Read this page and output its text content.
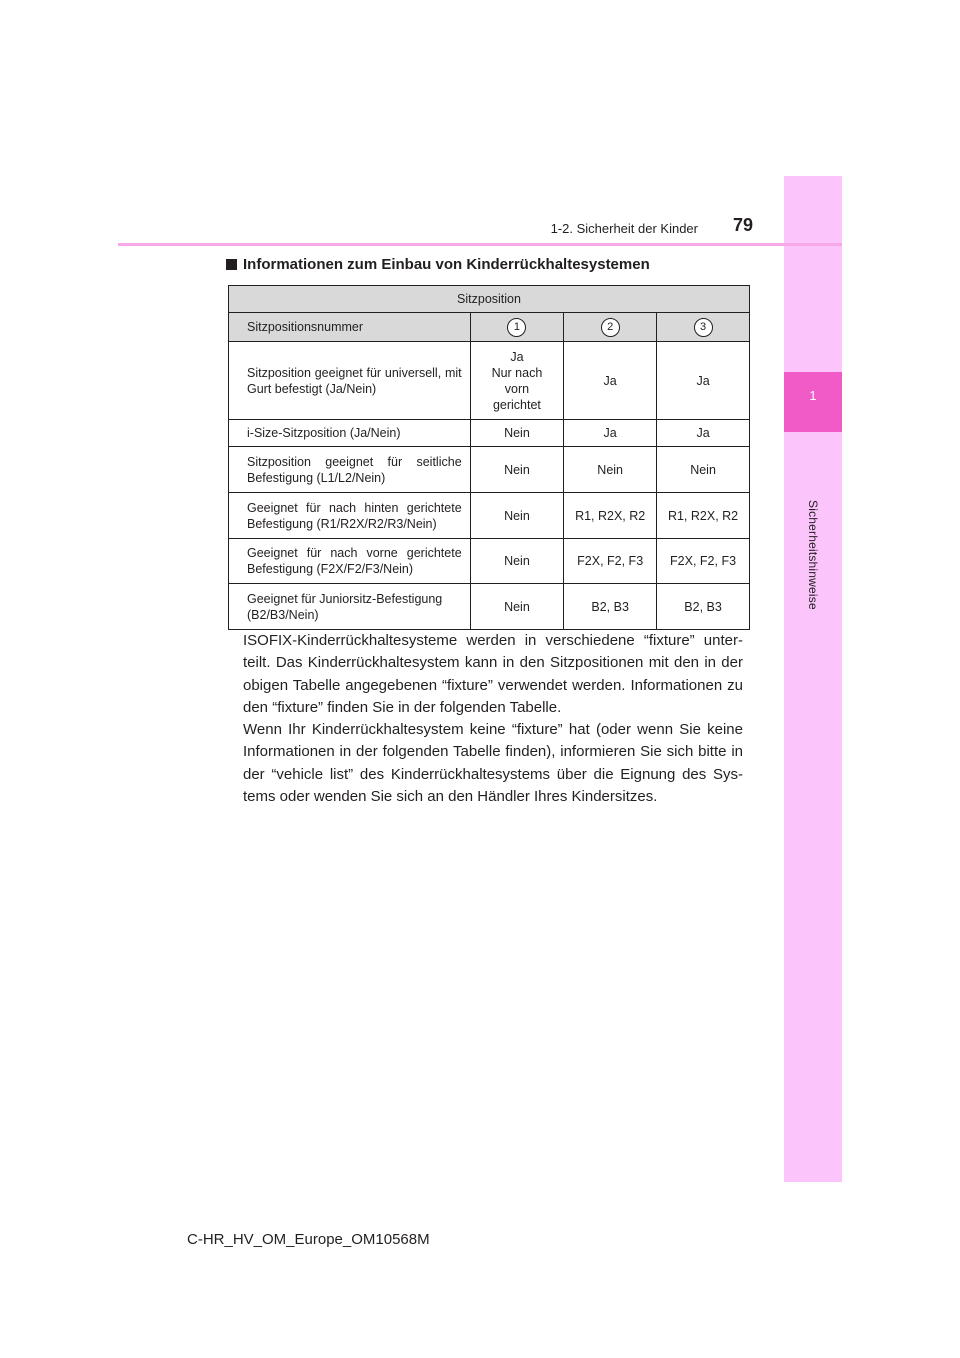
1
Sicherheitshinweise
1-2. Sicherheit der Kinder 79
Informationen zum Einbau von Kinderrückhaltesystemen
Sitzposition			
Sitzpositionsnummer	1	2	3
Sitzposition geeignet für universell, mit Gurt befestigt (Ja/Nein)	Ja
Nur nach
vorn
gerichtet	Ja	Ja
i-Size-Sitzposition (Ja/Nein)	Nein	Ja	Ja
Sitzposition geeignet für seitliche Befestigung (L1/L2/Nein)	Nein	Nein	Nein
Geeignet für nach hinten gerichtete Befestigung (R1/R2X/R2/R3/Nein)	Nein	R1, R2X, R2	R1, R2X, R2
Geeignet für nach vorne gerichtete Befestigung (F2X/F2/F3/Nein)	Nein	F2X, F2, F3	F2X, F2, F3
Geeignet für Juniorsitz-Befestigung (B2/B3/Nein)	Nein	B2, B3	B2, B3

ISOFIX-Kinderrückhaltesysteme werden in verschiedene “fixture” unter-teilt. Das Kinderrückhaltesystem kann in den Sitzpositionen mit den in der obigen Tabelle angegebenen “fixture” verwendet werden. Informationen zu den “fixture” finden Sie in der folgenden Tabelle.

Wenn Ihr Kinderrückhaltesystem keine “fixture” hat (oder wenn Sie keine Informationen in der folgenden Tabelle finden), informieren Sie sich bitte in der “vehicle list” des Kinderrückhaltesystems über die Eignung des Sys-tems oder wenden Sie sich an den Händler Ihres Kindersitzes.

C-HR_HV_OM_Europe_OM10568M
